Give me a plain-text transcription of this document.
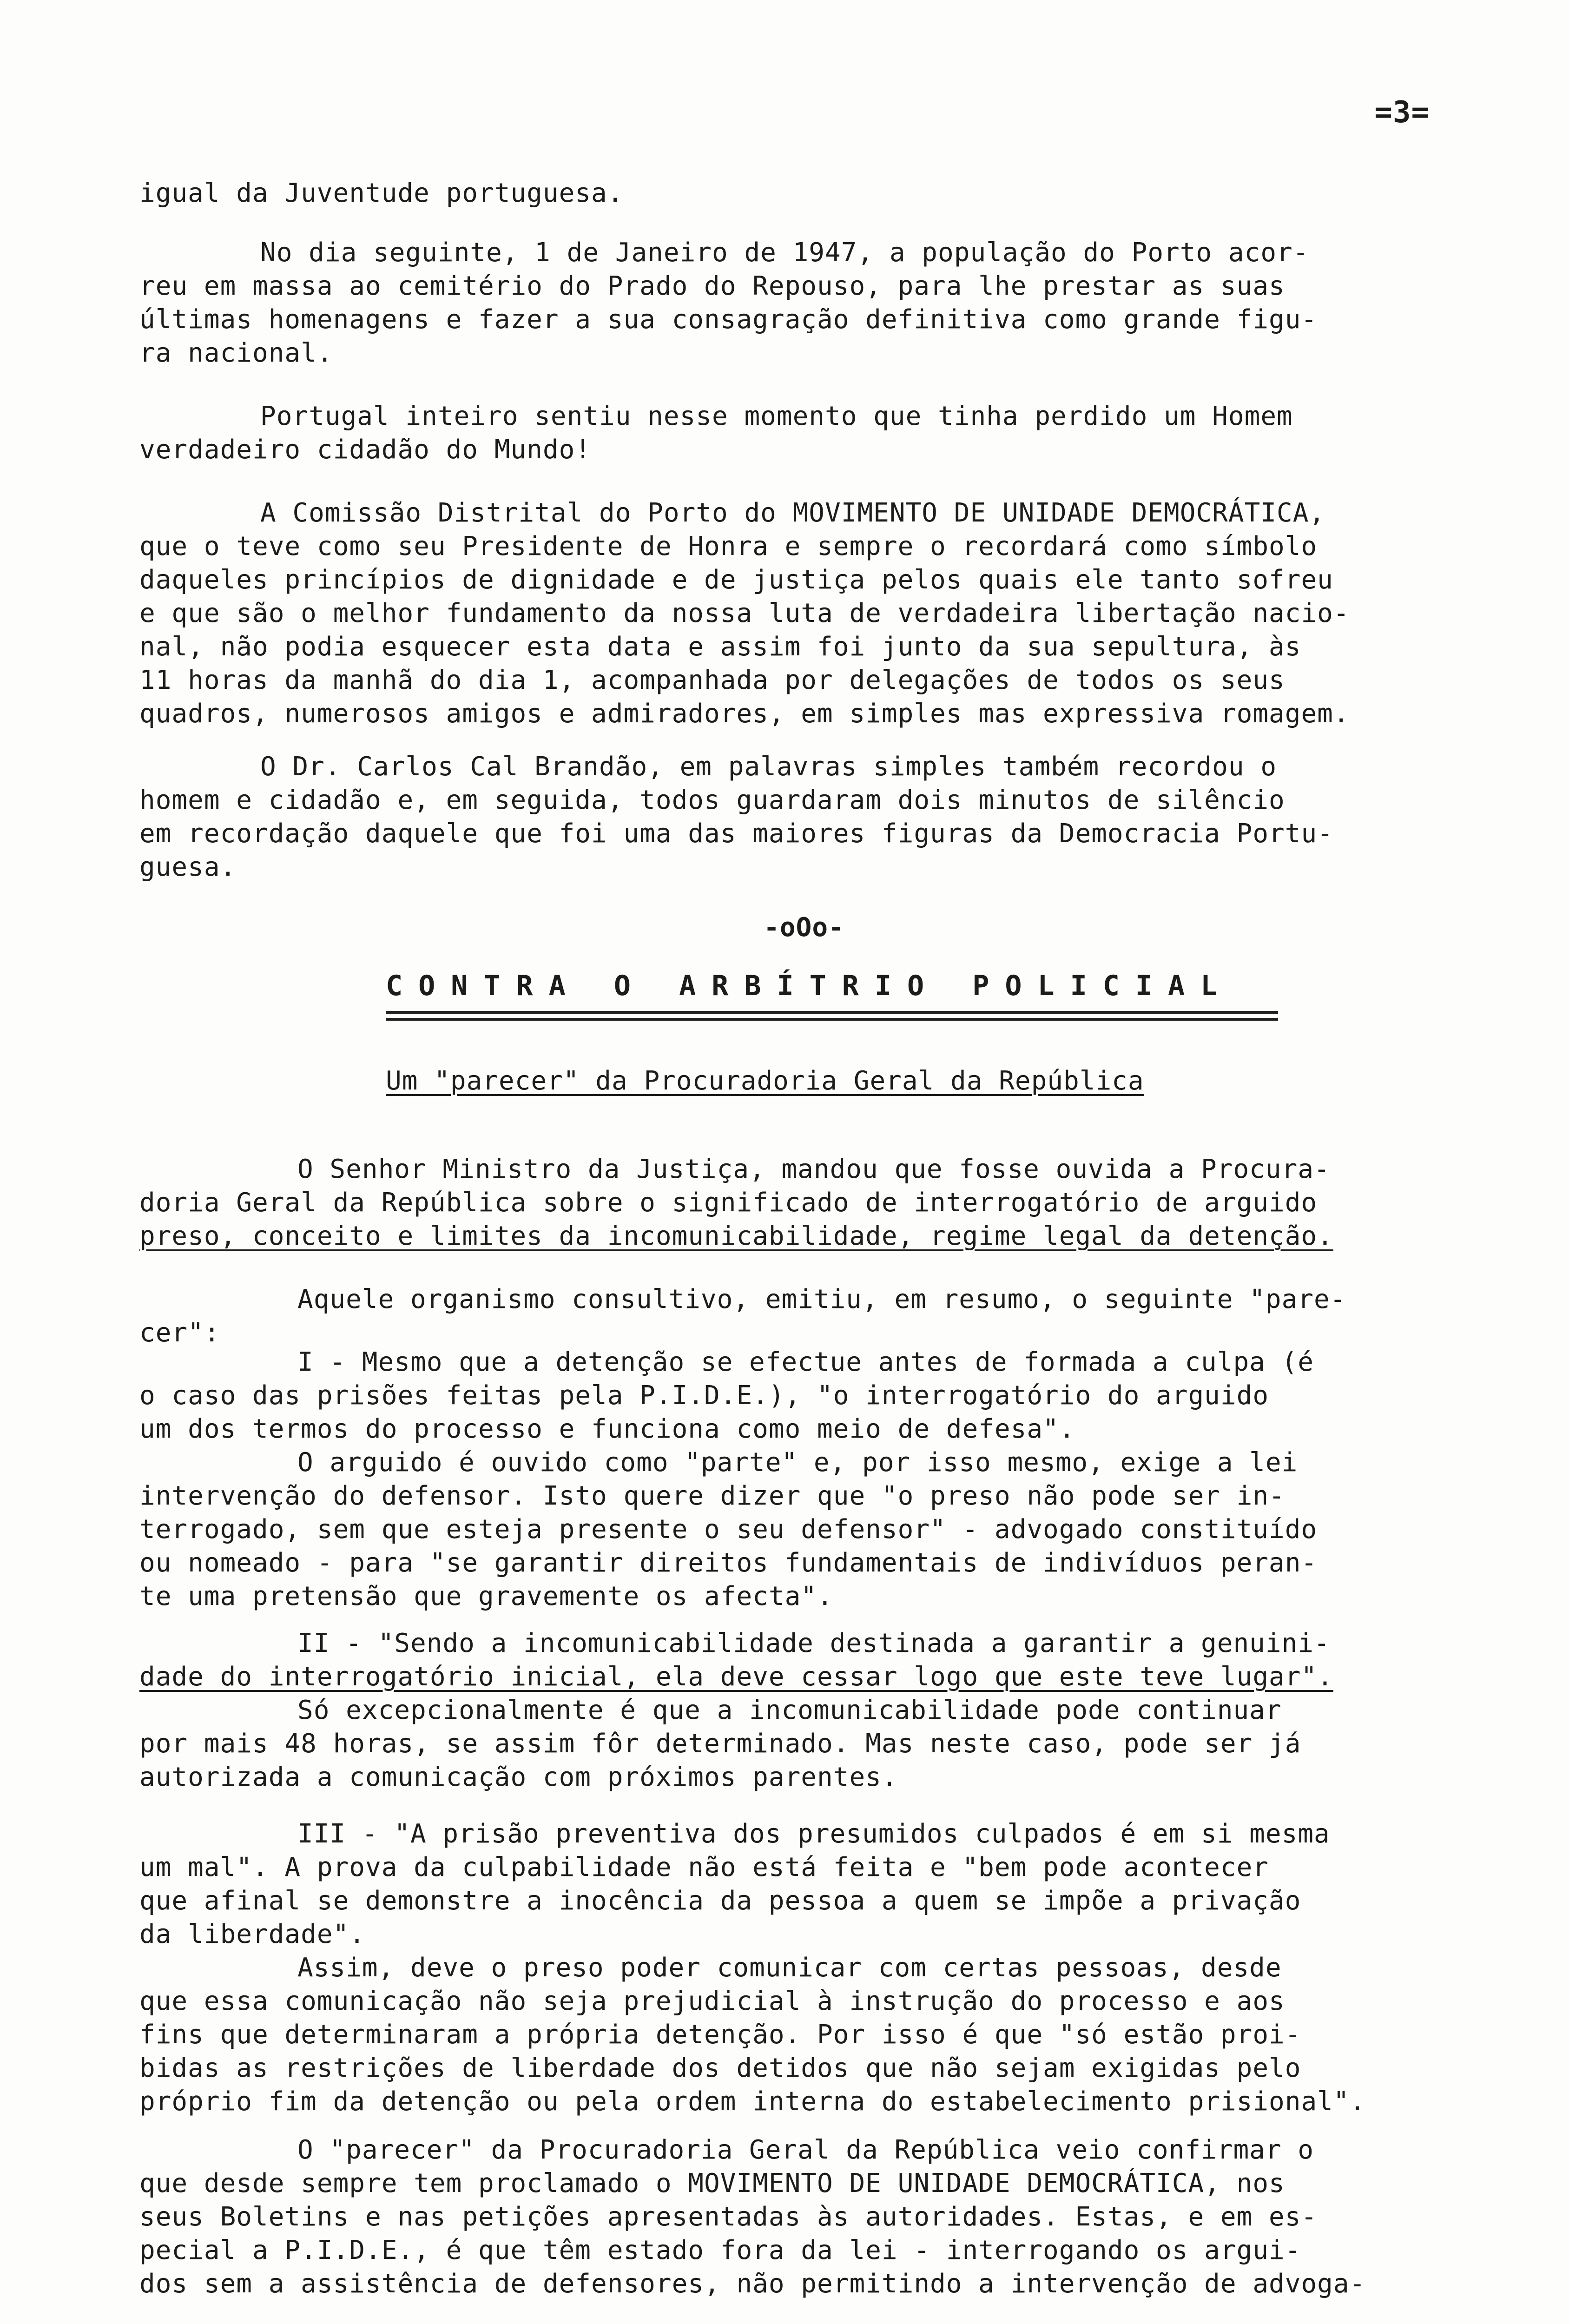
=3=
igual da Juventude portuguesa.
No dia seguinte, 1 de Janeiro de 1947, a população do Porto acor-
reu em massa ao cemitério do Prado do Repouso, para lhe prestar as suas
últimas homenagens e fazer a sua consagração definitiva como grande figu-
ra nacional.
Portugal inteiro sentiu nesse momento que tinha perdido um Homem
verdadeiro cidadão do Mundo!
A Comissão Distrital do Porto do MOVIMENTO DE UNIDADE DEMOCRÁTICA,
que o teve como seu Presidente de Honra e sempre o recordará como símbolo
daqueles princípios de dignidade e de justiça pelos quais ele tanto sofreu
e que são o melhor fundamento da nossa luta de verdadeira libertação nacio-
nal, não podia esquecer esta data e assim foi junto da sua sepultura, às
11 horas da manhã do dia 1, acompanhada por delegações de todos os seus
quadros, numerosos amigos e admiradores, em simples mas expressiva romagem.
O Dr. Carlos Cal Brandão, em palavras simples também recordou o
homem e cidadão e, em seguida, todos guardaram dois minutos de silêncio
em recordação daquele que foi uma das maiores figuras da Democracia Portu-
guesa.
-oOo-
CONTRA O ARBÍTRIO POLICIAL
Um "parecer" da Procuradoria Geral da República
O Senhor Ministro da Justiça, mandou que fosse ouvida a Procura-
doria Geral da República sobre o significado de interrogatório de arguido
preso, conceito e limites da incomunicabilidade, regime legal da detenção.
Aquele organismo consultivo, emitiu, em resumo, o seguinte "pare-
cer":
I - Mesmo que a detenção se efectue antes de formada a culpa (é
o caso das prisões feitas pela P.I.D.E.), "o interrogatório do arguido
um dos termos do processo e funciona como meio de defesa".
O arguido é ouvido como "parte" e, por isso mesmo, exige a lei
intervenção do defensor. Isto quere dizer que "o preso não pode ser in-
terrogado, sem que esteja presente o seu defensor" - advogado constituído
ou nomeado - para "se garantir direitos fundamentais de indivíduos peran-
te uma pretensão que gravemente os afecta".
II - "Sendo a incomunicabilidade destinada a garantir a genuini-
dade do interrogatório inicial, ela deve cessar logo que este teve lugar".
Só excepcionalmente é que a incomunicabilidade pode continuar
por mais 48 horas, se assim fôr determinado. Mas neste caso, pode ser já
autorizada a comunicação com próximos parentes.
III - "A prisão preventiva dos presumidos culpados é em si mesma
um mal". A prova da culpabilidade não está feita e "bem pode acontecer
que afinal se demonstre a inocência da pessoa a quem se impõe a privação
da liberdade".
Assim, deve o preso poder comunicar com certas pessoas, desde
que essa comunicação não seja prejudicial à instrução do processo e aos
fins que determinaram a própria detenção. Por isso é que "só estão proi-
bidas as restrições de liberdade dos detidos que não sejam exigidas pelo
próprio fim da detenção ou pela ordem interna do estabelecimento prisional".
O "parecer" da Procuradoria Geral da República veio confirmar o
que desde sempre tem proclamado o MOVIMENTO DE UNIDADE DEMOCRÁTICA, nos
seus Boletins e nas petições apresentadas às autoridades. Estas, e em es-
pecial a P.I.D.E., é que têm estado fora da lei - interrogando os argui-
dos sem a assistência de defensores, não permitindo a intervenção de advoga-
